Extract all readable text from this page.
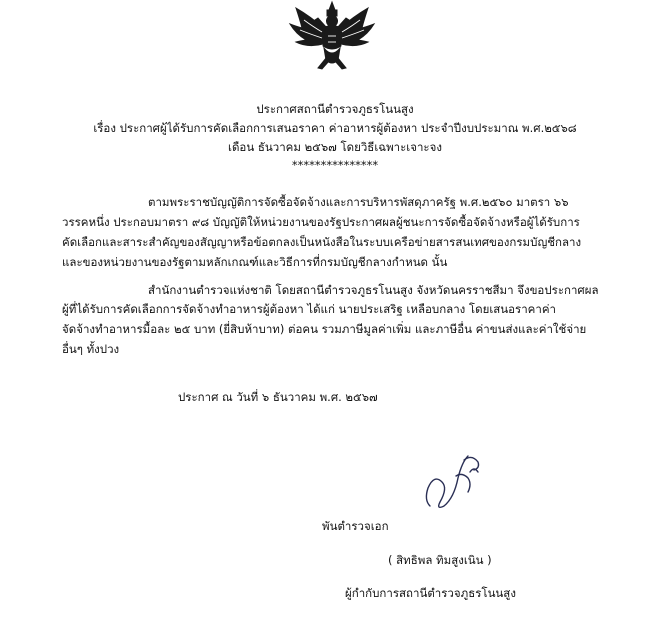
ประกาศสถานีตำรวจภูธรโนนสูง
เรื่อง ประกาศผู้ได้รับการคัดเลือกการเสนอราคา ค่าอาหารผู้ต้องหา ประจำปีงบประมาณ พ.ศ.๒๕๖๘
เดือน ธันวาคม ๒๕๖๗ โดยวิธีเฉพาะเจาะจง
***************
ตามพระราชบัญญัติการจัดซื้อจัดจ้างและการบริหารพัสดุภาครัฐ พ.ศ.๒๕๖๐ มาตรา ๖๖
วรรคหนึ่ง ประกอบมาตรา ๙๘ บัญญัติให้หน่วยงานของรัฐประกาศผลผู้ชนะการจัดซื้อจัดจ้างหรือผู้ได้รับการ
คัดเลือกและสาระสำคัญของสัญญาหรือข้อตกลงเป็นหนังสือในระบบเครือข่ายสารสนเทศของกรมบัญชีกลาง
และของหน่วยงานของรัฐตามหลักเกณฑ์และวิธีการที่กรมบัญชีกลางกำหนด นั้น
สำนักงานตำรวจแห่งชาติ โดยสถานีตำรวจภูธรโนนสูง จังหวัดนครราชสีมา จึงขอประกาศผล
ผู้ที่ได้รับการคัดเลือกการจัดจ้างทำอาหารผู้ต้องหา ได้แก่ นายประเสริฐ เหลือบกลาง โดยเสนอราคาค่า
จัดจ้างทำอาหารมื้อละ ๒๕ บาท (ยี่สิบห้าบาท) ต่อคน รวมภาษีมูลค่าเพิ่ม และภาษีอื่น ค่าขนส่งและค่าใช้จ่าย
อื่นๆ ทั้งปวง
ประกาศ ณ วันที่ ๖ ธันวาคม พ.ศ. ๒๕๖๗
พันตำรวจเอก
( สิทธิพล ทิมสูงเนิน )
ผู้กำกับการสถานีตำรวจภูธรโนนสูง
